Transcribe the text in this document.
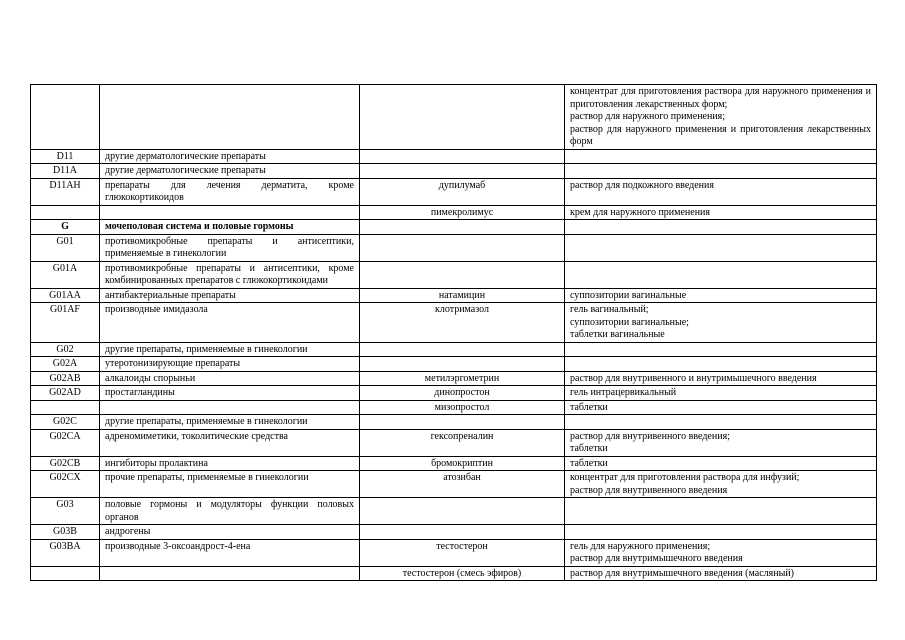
			концентрат для приготовления раствора для наружного применения и приготовления лекарственных форм;
раствор для наружного применения;
раствор для наружного применения и приготовления лекарственных форм

D11	другие дерматологические препараты		
D11A	другие дерматологические препараты		
D11AH	препараты для лечения дерматита, кроме глюкокортикоидов	дупилумаб	раствор для подкожного введения

		пимекролимус	крем для наружного применения

G	мочеполовая система и половые гормоны		
G01	противомикробные препараты и антисептики, применяемые в гинекологии		
G01A	противомикробные препараты и антисептики, кроме комбинированных препаратов с глюкокортикоидами		
G01AA	антибактериальные препараты	натамицин	суппозитории вагинальные

G01AF	производные имидазола	клотримазол	гель вагинальный;
суппозитории вагинальные;
таблетки вагинальные

G02	другие препараты, применяемые в гинекологии		
G02A	утеротонизирующие препараты		
G02AB	алкалоиды спорыньи	метилэргометрин	раствор для внутривенного и внутримышечного введения

G02AD	простагландины	динопростон	гель интрацервикальный

		мизопростол	таблетки

G02C	другие препараты, применяемые в гинекологии		
G02CA	адреномиметики, токолитические средства	гексопреналин	раствор для внутривенного введения;
таблетки

G02CB	ингибиторы пролактина	бромокриптин	таблетки

G02CX	прочие препараты, применяемые в гинекологии	атозибан	концентрат для приготовления раствора для инфузий;
раствор для внутривенного введения

G03	половые гормоны и модуляторы функции половых органов		
G03B	андрогены		
G03BA	производные 3-оксоандрост-4-ена	тестостерон	гель для наружного применения;
раствор для внутримышечного введения

		тестостерон (смесь эфиров)	раствор для внутримышечного введения (масляный)
